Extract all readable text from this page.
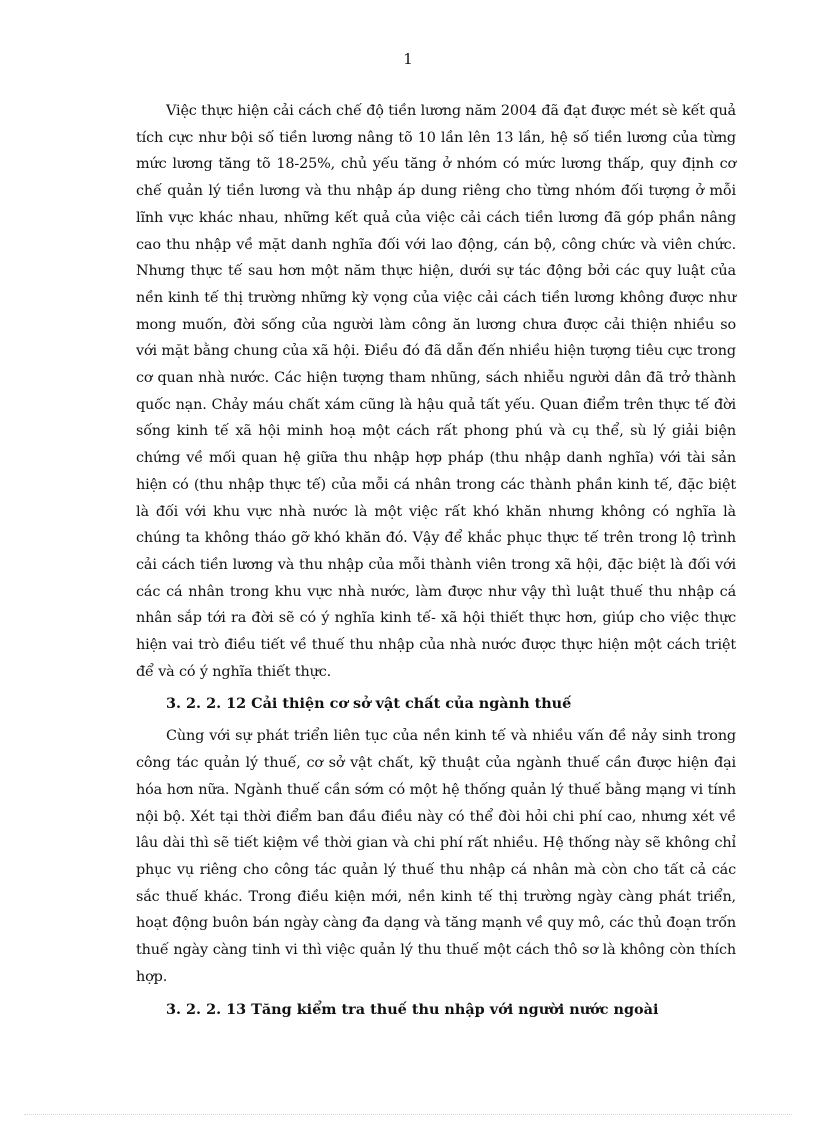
1

Việc thực hiện cải cách chế độ tiền lương năm 2004 đã đạt được mét sè kết quả tích cực như bội số tiền lương nâng tõ 10 lần lên 13 lần, hệ số tiền lương của từng mức lương tăng tõ 18-25%, chủ yếu tăng ở nhóm có mức lương thấp, quy định cơ chế quản lý tiền lương và thu nhập áp dung riêng cho từng nhóm đối tượng ở mỗi lĩnh vực khác nhau, những kết quả của việc cải cách tiền lương đã góp phần nâng cao thu nhập về mặt danh nghĩa đối với lao động, cán bộ, công chức và viên chức. Nhưng thực tế sau hơn một năm thực hiện, dưới sự tác động bởi các quy luật của nền kinh tế thị trường những kỳ vọng của việc cải cách tiền lương không được như mong muốn, đời sống của người làm công ăn lương chưa được cải thiện nhiều so với mặt bằng chung của xã hội. Điều đó đã dẫn đến nhiều hiện tượng tiêu cực trong cơ quan nhà nước. Các hiện tượng tham nhũng, sách nhiễu người dân đã trở thành quốc nạn. Chảy máu chất xám cũng là hậu quả tất yếu. Quan điểm trên thực tế đời sống kinh tế xã hội minh hoạ một cách rất phong phú và cụ thể, sù lý giải biện chứng về mối quan hệ giữa thu nhập hợp pháp (thu nhập danh nghĩa) với tài sản hiện có (thu nhập thực tế) của mỗi cá nhân trong các thành phần kinh tế, đặc biệt là đối với khu vực nhà nước là một việc rất khó khăn nhưng không có nghĩa là chúng ta không tháo gỡ khó khăn đó. Vậy để khắc phục thực tế trên trong lộ trình cải cách tiền lương và thu nhập của mỗi thành viên trong xã hội, đặc biệt là đối với các cá nhân trong khu vực nhà nước, làm được như vậy thì luật thuế thu nhập cá nhân sắp tới ra đời sẽ có ý nghĩa kinh tế- xã hội thiết thực hơn, giúp cho việc thực hiện vai trò điều tiết về thuế thu nhập của nhà nước được thực hiện một cách triệt để và có ý nghĩa thiết thực.

3. 2. 2. 12 Cải thiện cơ sở vật chất của ngành thuế

Cùng với sự phát triển liên tục của nền kinh tế và nhiều vấn đề nảy sinh trong công tác quản lý thuế, cơ sở vật chất, kỹ thuật của ngành thuế cần được hiện đại hóa hơn nữa. Ngành thuế cần sớm có một hệ thống quản lý thuế bằng mạng vi tính nội bộ. Xét tại thời điểm ban đầu điều này có thể đòi hỏi chi phí cao, nhưng xét về lâu dài thì sẽ tiết kiệm về thời gian và chi phí rất nhiều. Hệ thống này sẽ không chỉ phục vụ riêng cho công tác quản lý thuế thu nhập cá nhân mà còn cho tất cả các sắc thuế khác. Trong điều kiện mới, nền kinh tế thị trường ngày càng phát triển, hoạt động buôn bán ngày càng đa dạng và tăng mạnh về quy mô, các thủ đoạn trốn thuế ngày càng tinh vi thì việc quản lý thu thuế một cách thô sơ là không còn thích hợp.

3. 2. 2. 13 Tăng kiểm tra thuế thu nhập với người nước ngoài
